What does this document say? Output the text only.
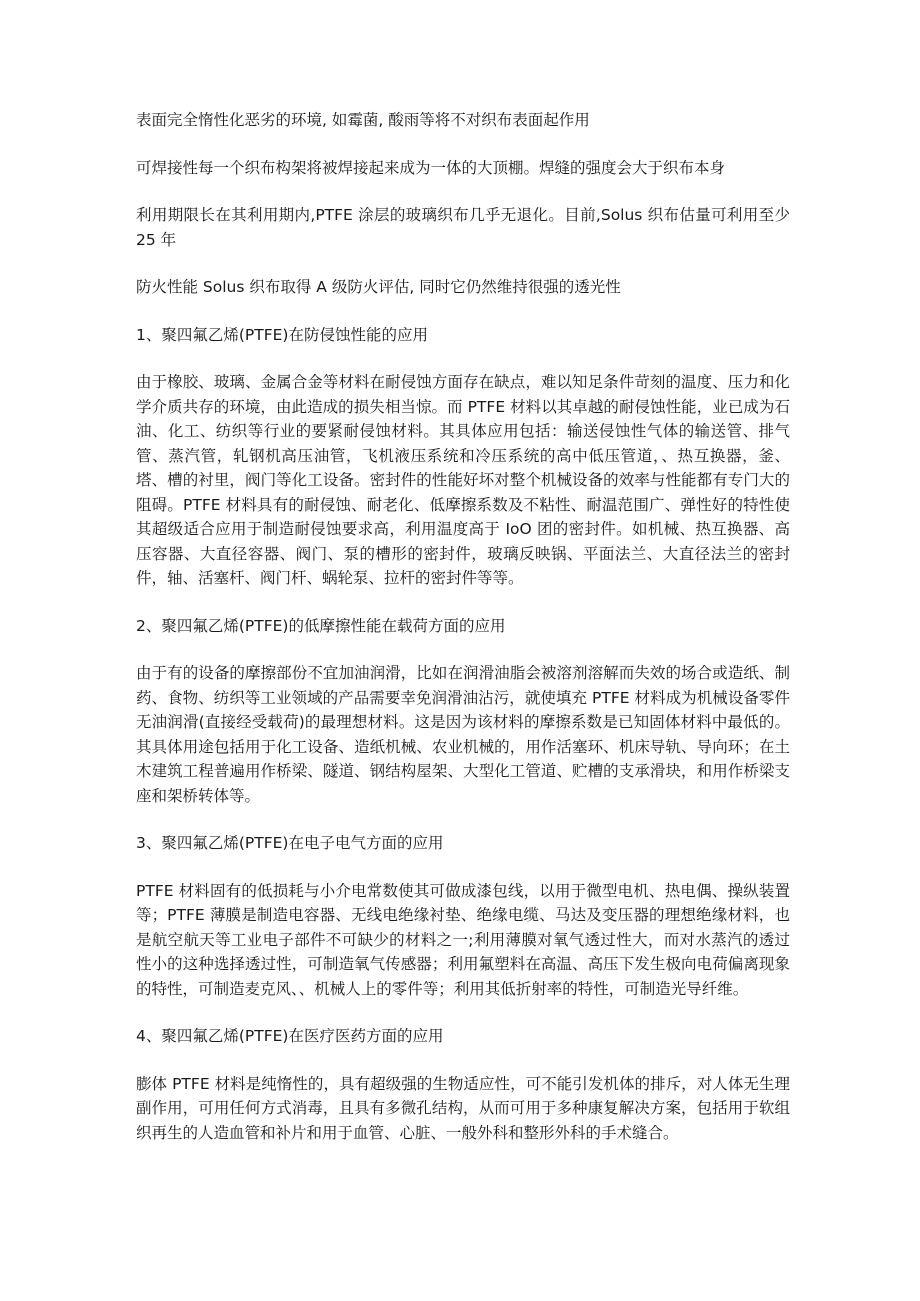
表面完全惰性化恶劣的环境, 如霉菌, 酸雨等将不对织布表面起作用

可焊接性每一个织布构架将被焊接起来成为一体的大顶棚。焊缝的强度会大于织布本身

利用期限长在其利用期内,PTFE 涂层的玻璃织布几乎无退化。目前,Solus 织布估量可利用至少 25 年

防火性能 Solus 织布取得 A 级防火评估, 同时它仍然维持很强的透光性

1、聚四氟乙烯(PTFE)在防侵蚀性能的应用

由于橡胶、玻璃、金属合金等材料在耐侵蚀方面存在缺点，难以知足条件苛刻的温度、压力和化学介质共存的环境，由此造成的损失相当惊。而 PTFE 材料以其卓越的耐侵蚀性能，业已成为石油、化工、纺织等行业的要紧耐侵蚀材料。其具体应用包括：输送侵蚀性气体的输送管、排气管、蒸汽管，轧钢机高压油管，飞机液压系统和冷压系统的高中低压管道，、热互换器，釜、塔、槽的衬里，阀门等化工设备。密封件的性能好坏对整个机械设备的效率与性能都有专门大的阻碍。PTFE 材料具有的耐侵蚀、耐老化、低摩擦系数及不粘性、耐温范围广、弹性好的特性使其超级适合应用于制造耐侵蚀要求高，利用温度高于 IoO 团的密封件。如机械、热互换器、高压容器、大直径容器、阀门、泵的槽形的密封件，玻璃反映锅、平面法兰、大直径法兰的密封件，轴、活塞杆、阀门杆、蜗轮泵、拉杆的密封件等等。

2、聚四氟乙烯(PTFE)的低摩擦性能在载荷方面的应用

由于有的设备的摩擦部份不宜加油润滑，比如在润滑油脂会被溶剂溶解而失效的场合或造纸、制药、食物、纺织等工业领域的产品需要幸免润滑油沾污，就使填充 PTFE 材料成为机械设备零件无油润滑(直接经受载荷)的最理想材料。这是因为该材料的摩擦系数是已知固体材料中最低的。其具体用途包括用于化工设备、造纸机械、农业机械的，用作活塞环、机床导轨、导向环；在土木建筑工程普遍用作桥梁、隧道、钢结构屋架、大型化工管道、贮槽的支承滑块，和用作桥梁支座和架桥转体等。

3、聚四氟乙烯(PTFE)在电子电气方面的应用

PTFE 材料固有的低损耗与小介电常数使其可做成漆包线，以用于微型电机、热电偶、操纵装置等；PTFE 薄膜是制造电容器、无线电绝缘衬垫、绝缘电缆、马达及变压器的理想绝缘材料，也是航空航天等工业电子部件不可缺少的材料之一;利用薄膜对氧气透过性大，而对水蒸汽的透过性小的这种选择透过性，可制造氧气传感器；利用氟塑料在高温、高压下发生极向电荷偏离现象的特性，可制造麦克风、、机械人上的零件等；利用其低折射率的特性，可制造光导纤维。

4、聚四氟乙烯(PTFE)在医疗医药方面的应用

膨体 PTFE 材料是纯惰性的，具有超级强的生物适应性，可不能引发机体的排斥，对人体无生理副作用，可用任何方式消毒，且具有多微孔结构，从而可用于多种康复解决方案，包括用于软组织再生的人造血管和补片和用于血管、心脏、一般外科和整形外科的手术缝合。
